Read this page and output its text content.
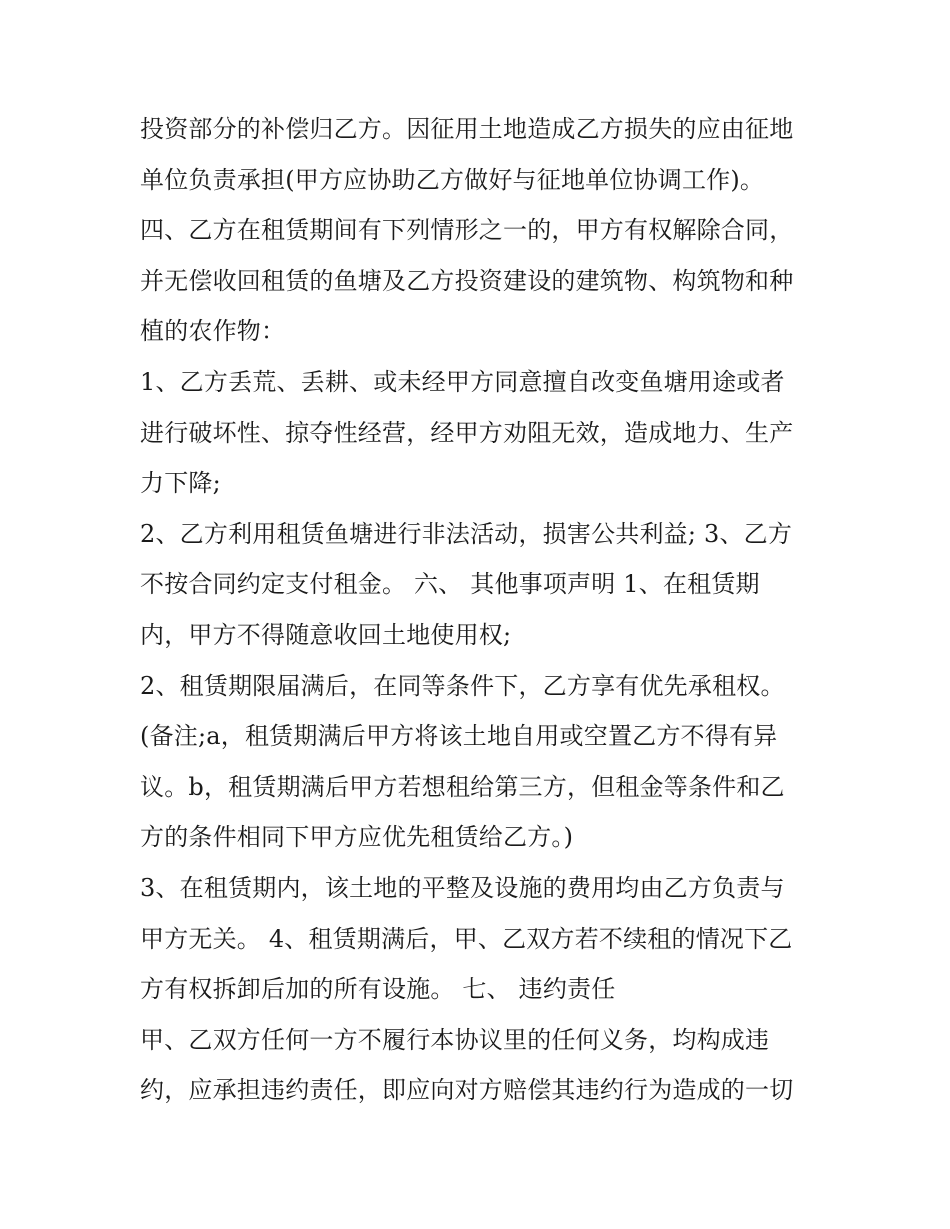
投资部分的补偿归乙方。因征用土地造成乙方损失的应由征地
单位负责承担(甲方应协助乙方做好与征地单位协调工作)。
四、乙方在租赁期间有下列情形之一的，甲方有权解除合同，
并无偿收回租赁的鱼塘及乙方投资建设的建筑物、构筑物和种
植的农作物：
1、乙方丢荒、丢耕、或未经甲方同意擅自改变鱼塘用途或者
进行破坏性、掠夺性经营，经甲方劝阻无效，造成地力、生产
力下降;
2、乙方利用租赁鱼塘进行非法活动，损害公共利益; 3、乙方
不按合同约定支付租金。 六、 其他事项声明 1、在租赁期
内，甲方不得随意收回土地使用权;
2、租赁期限届满后，在同等条件下，乙方享有优先承租权。
(备注;a，租赁期满后甲方将该土地自用或空置乙方不得有异
议。b，租赁期满后甲方若想租给第三方，但租金等条件和乙
方的条件相同下甲方应优先租赁给乙方。)
3、在租赁期内，该土地的平整及设施的费用均由乙方负责与
甲方无关。 4、租赁期满后，甲、乙双方若不续租的情况下乙
方有权拆卸后加的所有设施。 七、 违约责任
甲、乙双方任何一方不履行本协议里的任何义务，均构成违
约，应承担违约责任，即应向对方赔偿其违约行为造成的一切
